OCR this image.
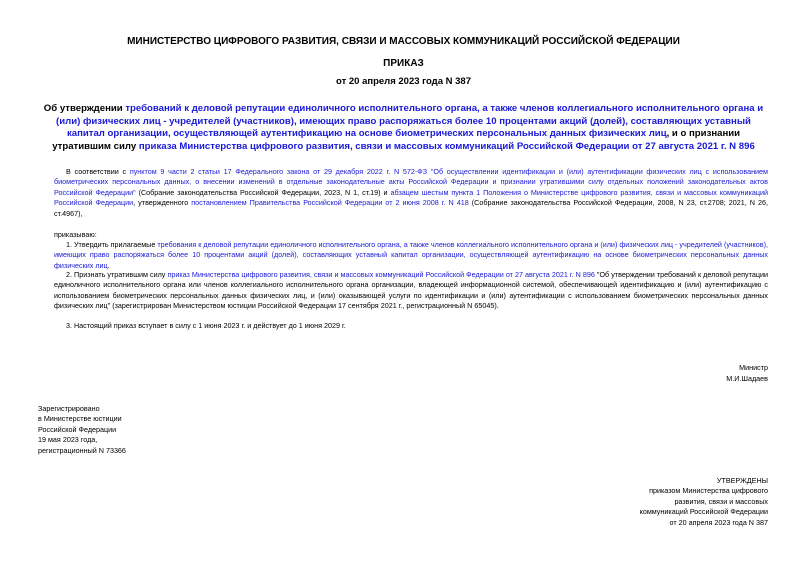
МИНИСТЕРСТВО ЦИФРОВОГО РАЗВИТИЯ, СВЯЗИ И МАССОВЫХ КОММУНИКАЦИЙ РОССИЙСКОЙ ФЕДЕРАЦИИ
ПРИКАЗ
от 20 апреля 2023 года N 387
Об утверждении требований к деловой репутации единоличного исполнительного органа, а также членов коллегиального исполнительного органа и (или) физических лиц - учредителей (участников), имеющих право распоряжаться более 10 процентами акций (долей), составляющих уставный капитал организации, осуществляющей аутентификацию на основе биометрических персональных данных физических лиц, и о признании утратившим силу приказа Министерства цифрового развития, связи и массовых коммуникаций Российской Федерации от 27 августа 2021 г. N 896
В соответствии с пунктом 9 части 2 статьи 17 Федерального закона от 29 декабря 2022 г. N 572-ФЗ "Об осуществлении идентификации и (или) аутентификации физических лиц с использованием биометрических персональных данных, о внесении изменений в отдельные законодательные акты Российской Федерации и признании утратившими силу отдельных положений законодательных актов Российской Федерации" (Собрание законодательства Российской Федерации, 2023, N 1, ст.19) и абзацем шестым пункта 1 Положения о Министерстве цифрового развития, связи и массовых коммуникаций Российской Федерации, утвержденного постановлением Правительства Российской Федерации от 2 июня 2008 г. N 418 (Собрание законодательства Российской Федерации, 2008, N 23, ст.2708; 2021, N 26, ст.4967),
приказываю:
1. Утвердить прилагаемые требования к деловой репутации единоличного исполнительного органа, а также членов коллегиального исполнительного органа и (или) физических лиц - учредителей (участников), имеющих право распоряжаться более 10 процентами акций (долей), составляющих уставный капитал организации, осуществляющей аутентификацию на основе биометрических персональных данных физических лиц.
2. Признать утратившим силу приказ Министерства цифрового развития, связи и массовых коммуникаций Российской Федерации от 27 августа 2021 г. N 896 "Об утверждении требований к деловой репутации единоличного исполнительного органа или членов коллегиального исполнительного органа организации, владеющей информационной системой, обеспечивающей идентификацию и (или) аутентификацию с использованием биометрических персональных данных физических лиц, и (или) оказывающей услуги по идентификации и (или) аутентификации с использованием биометрических персональных данных физических лиц" (зарегистрирован Министерством юстиции Российской Федерации 17 сентября 2021 г., регистрационный N 65045).
3. Настоящий приказ вступает в силу с 1 июня 2023 г. и действует до 1 июня 2029 г.
Министр
М.И.Шадаев
Зарегистрировано
в Министерстве юстиции
Российской Федерации
19 мая 2023 года,
регистрационный N 73366
УТВЕРЖДЕНЫ
приказом Министерства цифрового
развития, связи и массовых
коммуникаций Российской Федерации
от 20 апреля 2023 года N 387
